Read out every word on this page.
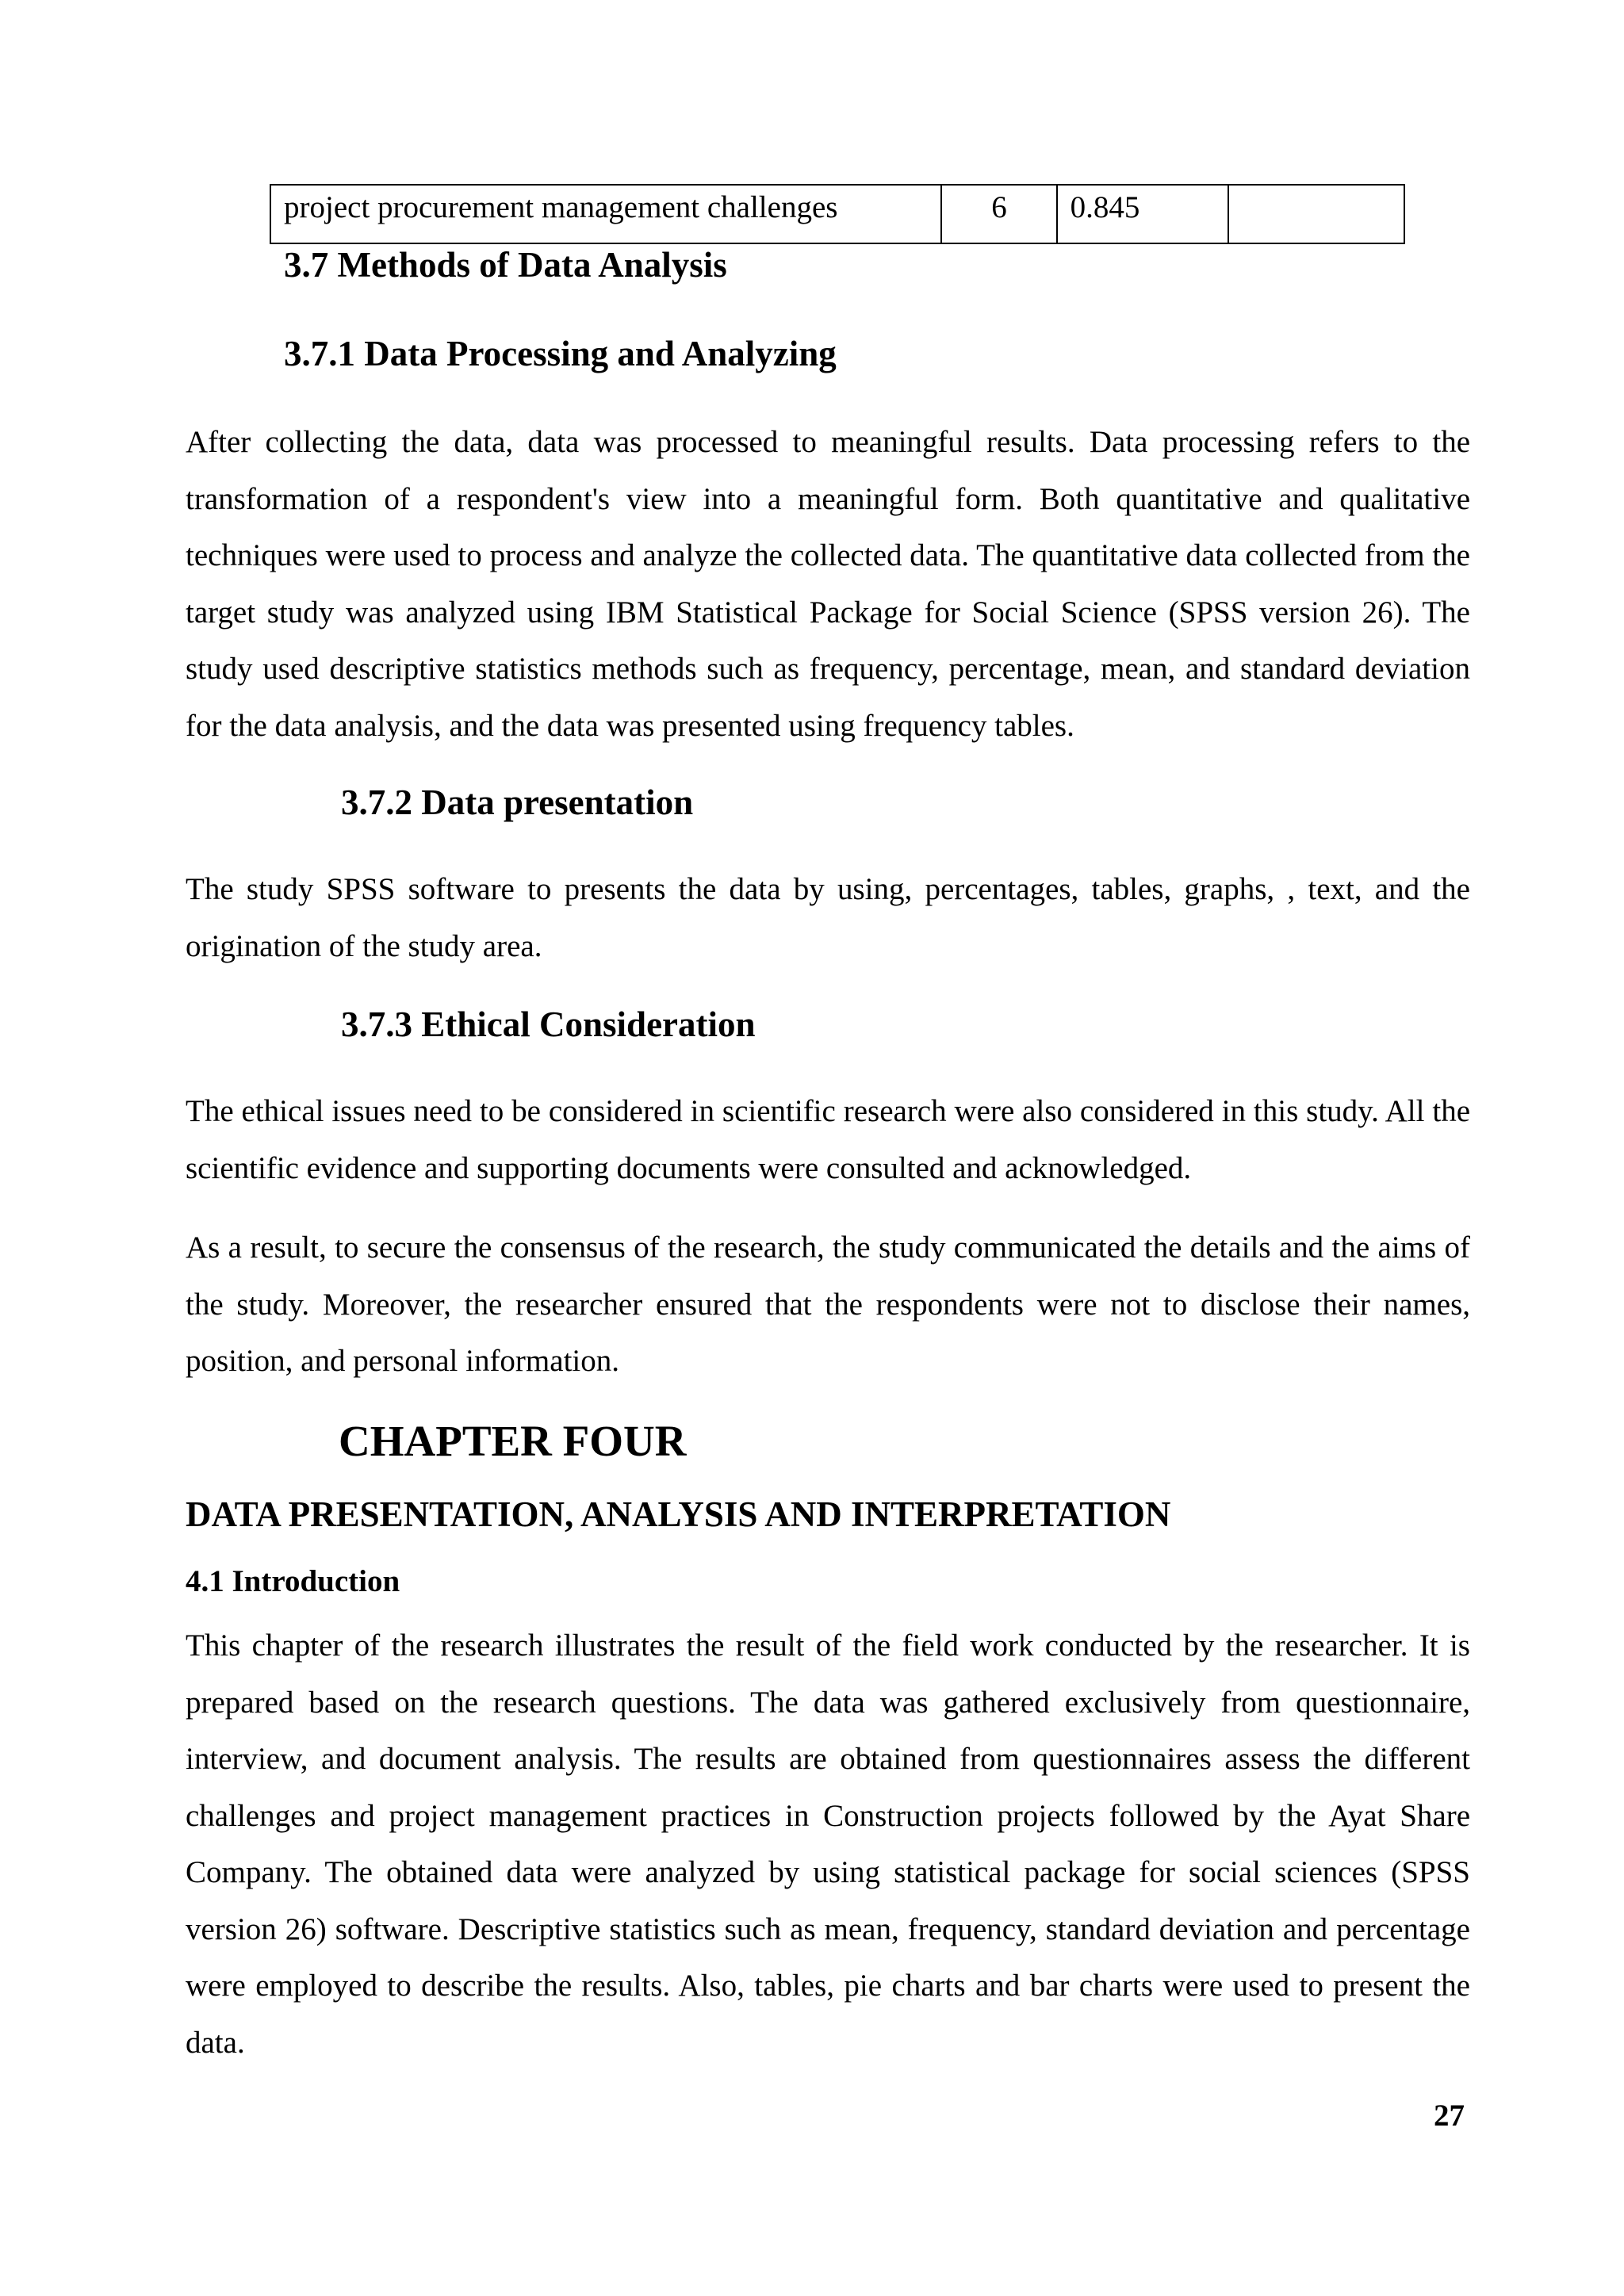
project procurement management challenges	6	0.845	
3.7 Methods of Data Analysis
3.7.1 Data Processing and Analyzing

After collecting the data, data was processed to meaningful results. Data processing refers to the transformation of a respondent's view into a meaningful form. Both quantitative and qualitative techniques were used to process and analyze the collected data. The quantitative data collected from the target study was analyzed using IBM Statistical Package for Social Science (SPSS version 26). The study used descriptive statistics methods such as frequency, percentage, mean, and standard deviation for the data analysis, and the data was presented using frequency tables.

3.7.2 Data presentation

The study SPSS software to presents the data by using, percentages, tables, graphs, , text, and the origination of the study area.

3.7.3 Ethical Consideration

The ethical issues need to be considered in scientific research were also considered in this study. All the scientific evidence and supporting documents were consulted and acknowledged.

As a result, to secure the consensus of the research, the study communicated the details and the aims of the study. Moreover, the researcher ensured that the respondents were not to disclose their names, position, and personal information.

CHAPTER FOUR
DATA PRESENTATION, ANALYSIS AND INTERPRETATION
4.1 Introduction

This chapter of the research illustrates the result of the field work conducted by the researcher. It is prepared based on the research questions. The data was gathered exclusively from questionnaire, interview, and document analysis. The results are obtained from questionnaires assess the different challenges and project management practices in Construction projects followed by the Ayat Share Company. The obtained data were analyzed by using statistical package for social sciences (SPSS version 26) software. Descriptive statistics such as mean, frequency, standard deviation and percentage were employed to describe the results. Also, tables, pie charts and bar charts were used to present the data.

27
